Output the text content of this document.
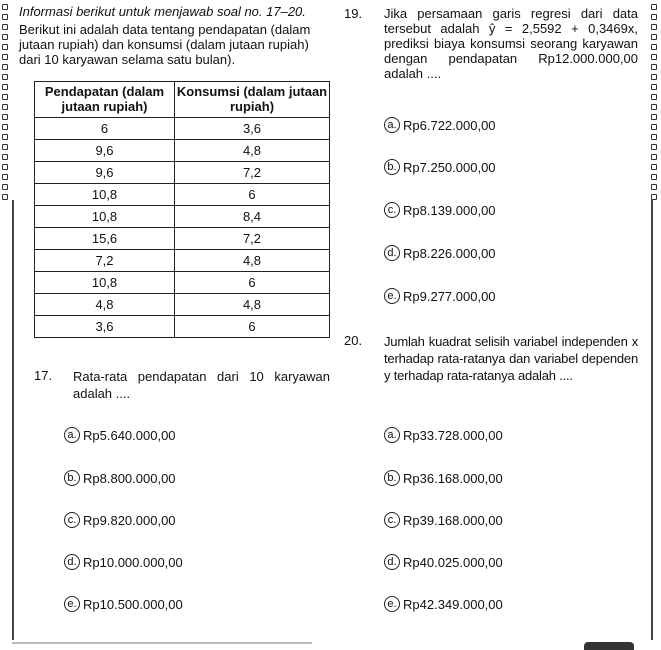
Informasi berikut untuk menjawab soal no. 17–20.

Berikut ini adalah data tentang pendapatan (dalam jutaan rupiah) dan konsumsi (dalam jutaan rupiah) dari 10 karyawan selama satu bulan).

Pendapatan (dalam jutaan rupiah)	Konsumsi (dalam jutaan rupiah)
6	3,6
9,6	4,8
9,6	7,2
10,8	6
10,8	8,4
15,6	7,2
7,2	4,8
10,8	6
4,8	4,8
3,6	6
17. Rata-rata pendapatan dari 10 karyawan adalah ....
a. Rp5.640.000,00
b. Rp8.800.000,00
c. Rp9.820.000,00
d. Rp10.000.000,00
e. Rp10.500.000,00
19. Jika persamaan garis regresi dari data tersebut adalah ŷ = 2,5592 + 0,3469x, prediksi biaya konsumsi seorang karyawan dengan pendapatan Rp12.000.000,00 adalah ....
a. Rp6.722.000,00
b. Rp7.250.000,00
c. Rp8.139.000,00
d. Rp8.226.000,00
e. Rp9.277.000,00
20. Jumlah kuadrat selisih variabel independen x terhadap rata-ratanya dan variabel dependen y terhadap rata-ratanya adalah ....
a. Rp33.728.000,00
b. Rp36.168.000,00
c. Rp39.168.000,00
d. Rp40.025.000,00
e. Rp42.349.000,00
